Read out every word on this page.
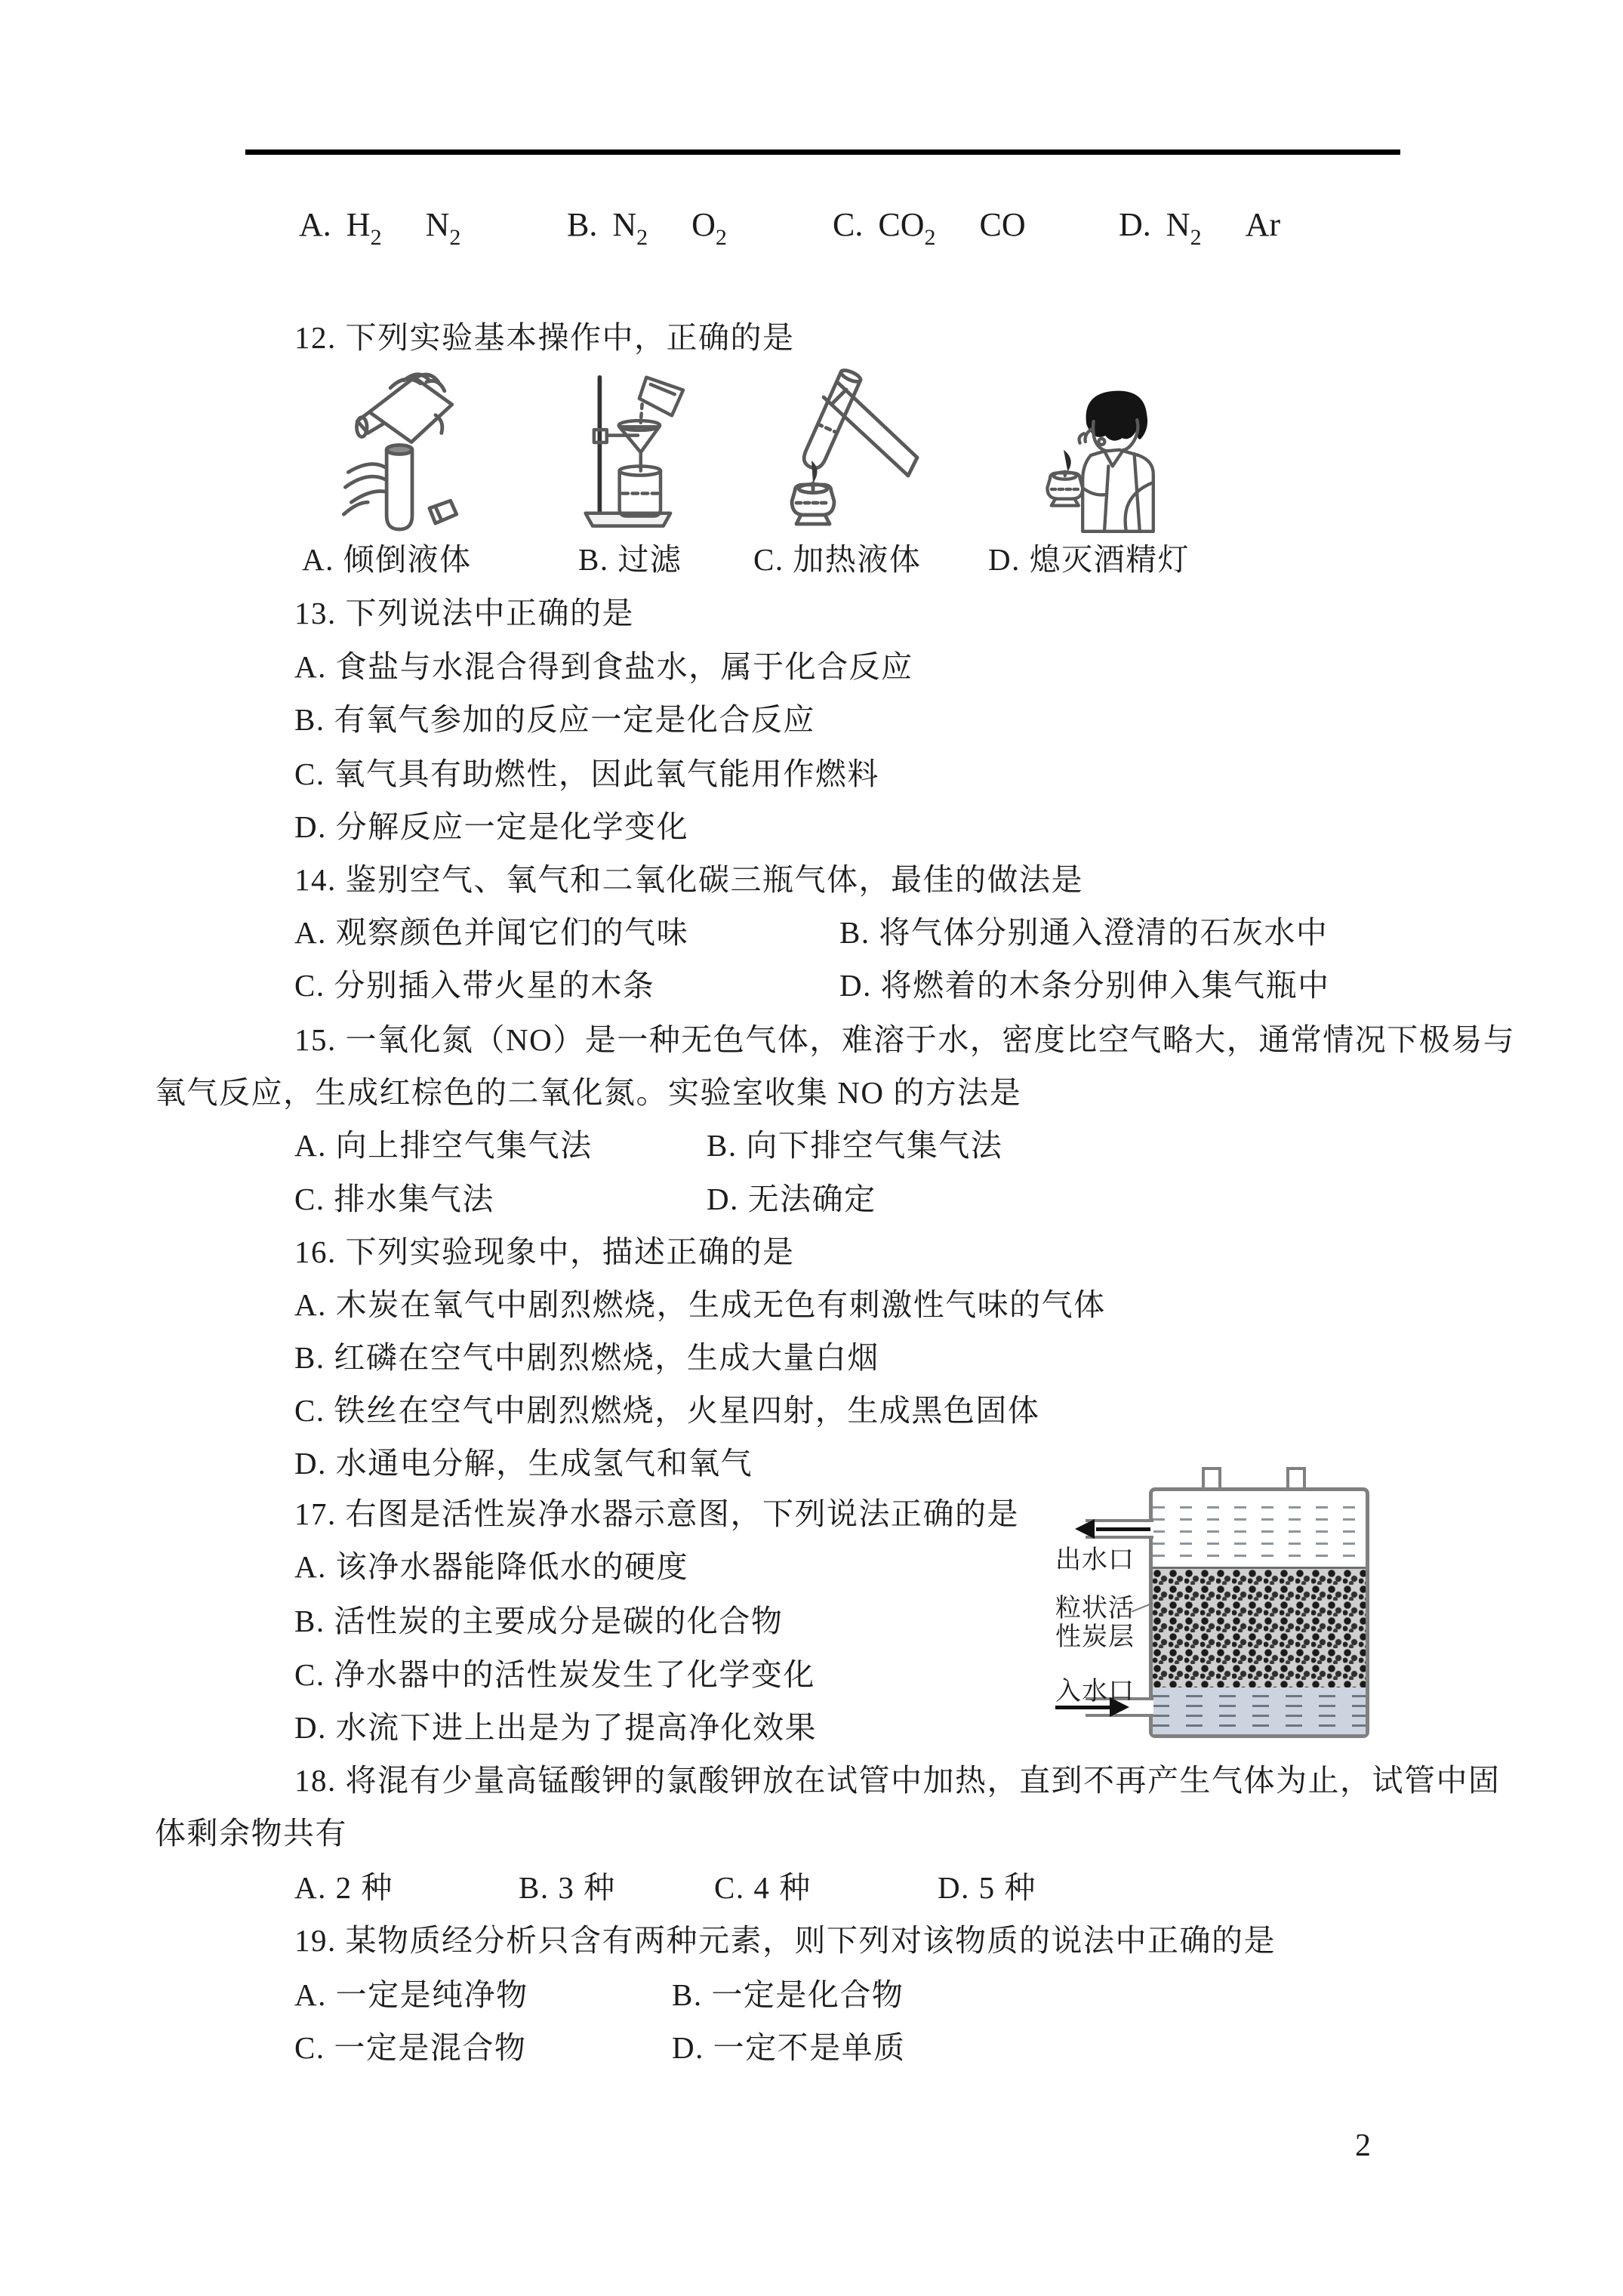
A. $H_2$ $N_2$	B. $N_2$ $O_2$	C. $CO_2$ CO	D. $N_2$ Ar
12. 下列实验基本操作中，正确的是
A. 倾倒液体	B. 过滤 C. 加热液体 D. 熄灭酒精灯
13. 下列说法中正确的是
A. 食盐与水混合得到食盐水，属于化合反应
B. 有氧气参加的反应一定是化合反应
C. 氧气具有助燃性，因此氧气能用作燃料
D. 分解反应一定是化学变化
14. 鉴别空气、氧气和二氧化碳三瓶气体，最佳的做法是
A. 观察颜色并闻它们的气味	B. 将气体分别通入澄清的石灰水中
C. 分别插入带火星的木条	D. 将燃着的木条分别伸入集气瓶中
15. 一氧化氮（NO）是一种无色气体，难溶于水，密度比空气略大，通常情况下极易与
氧气反应，生成红棕色的二氧化氮。实验室收集 NO 的方法是
A. 向上排空气集气法	B. 向下排空气集气法
C. 排水集气法	D. 无法确定
16. 下列实验现象中，描述正确的是
A. 木炭在氧气中剧烈燃烧，生成无色有刺激性气味的气体
B. 红磷在空气中剧烈燃烧，生成大量白烟
C. 铁丝在空气中剧烈燃烧，火星四射，生成黑色固体
D. 水通电分解，生成氢气和氧气
17. 右图是活性炭净水器示意图，下列说法正确的是
A. 该净水器能降低水的硬度
B. 活性炭的主要成分是碳的化合物
C. 净水器中的活性炭发生了化学变化
D. 水流下进上出是为了提高净化效果
出水口
粒状活
性炭层
入水口
18. 将混有少量高锰酸钾的氯酸钾放在试管中加热，直到不再产生气体为止，试管中固
体剩余物共有
A. 2 种	B. 3 种	C. 4 种	D. 5 种
19. 某物质经分析只含有两种元素，则下列对该物质的说法中正确的是
A. 一定是纯净物	B. 一定是化合物
C. 一定是混合物	D. 一定不是单质
2
